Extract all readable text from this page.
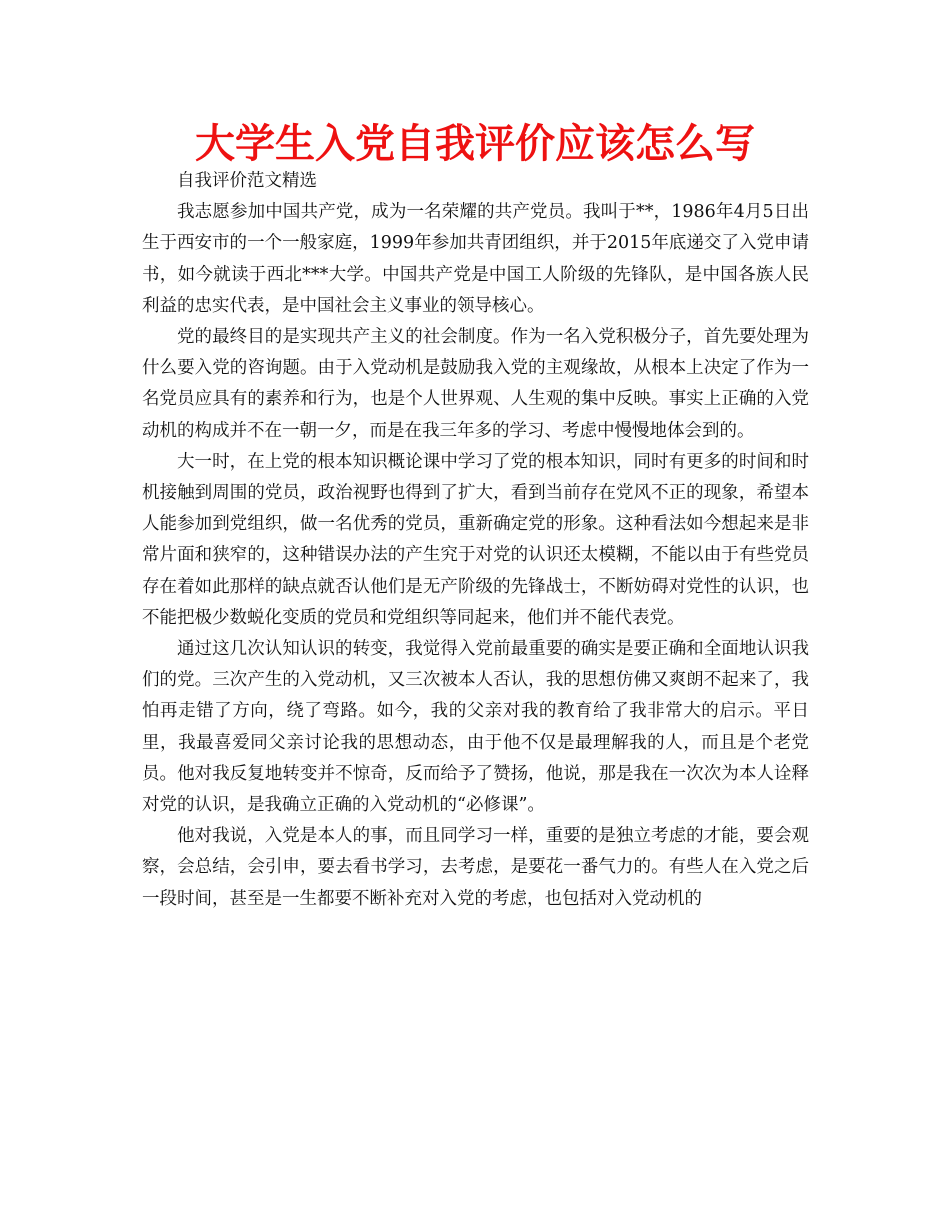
大学生入党自我评价应该怎么写

自我评价范文精选

我志愿参加中国共产党，成为一名荣耀的共产党员。我叫于**，1986年4月5日出生于西安市的一个一般家庭，1999年参加共青团组织，并于2015年底递交了入党申请书，如今就读于西北***大学。中国共产党是中国工人阶级的先锋队，是中国各族人民利益的忠实代表，是中国社会主义事业的领导核心。

党的最终目的是实现共产主义的社会制度。作为一名入党积极分子，首先要处理为什么要入党的咨询题。由于入党动机是鼓励我入党的主观缘故，从根本上决定了作为一名党员应具有的素养和行为，也是个人世界观、人生观的集中反映。事实上正确的入党动机的构成并不在一朝一夕，而是在我三年多的学习、考虑中慢慢地体会到的。

大一时，在上党的根本知识概论课中学习了党的根本知识，同时有更多的时间和时机接触到周围的党员，政治视野也得到了扩大，看到当前存在党风不正的现象，希望本人能参加到党组织，做一名优秀的党员，重新确定党的形象。这种看法如今想起来是非常片面和狭窄的，这种错误办法的产生究于对党的认识还太模糊，不能以由于有些党员存在着如此那样的缺点就否认他们是无产阶级的先锋战士，不断妨碍对党性的认识，也不能把极少数蜕化变质的党员和党组织等同起来，他们并不能代表党。

通过这几次认知认识的转变，我觉得入党前最重要的确实是要正确和全面地认识我们的党。三次产生的入党动机，又三次被本人否认，我的思想仿佛又爽朗不起来了，我怕再走错了方向，绕了弯路。如今，我的父亲对我的教育给了我非常大的启示。平日里，我最喜爱同父亲讨论我的思想动态，由于他不仅是最理解我的人，而且是个老党员。他对我反复地转变并不惊奇，反而给予了赞扬，他说，那是我在一次次为本人诠释对党的认识，是我确立正确的入党动机的“必修课”。

他对我说，入党是本人的事，而且同学习一样，重要的是独立考虑的才能，要会观察，会总结，会引申，要去看书学习，去考虑，是要花一番气力的。有些人在入党之后一段时间，甚至是一生都要不断补充对入党的考虑，也包括对入党动机的
